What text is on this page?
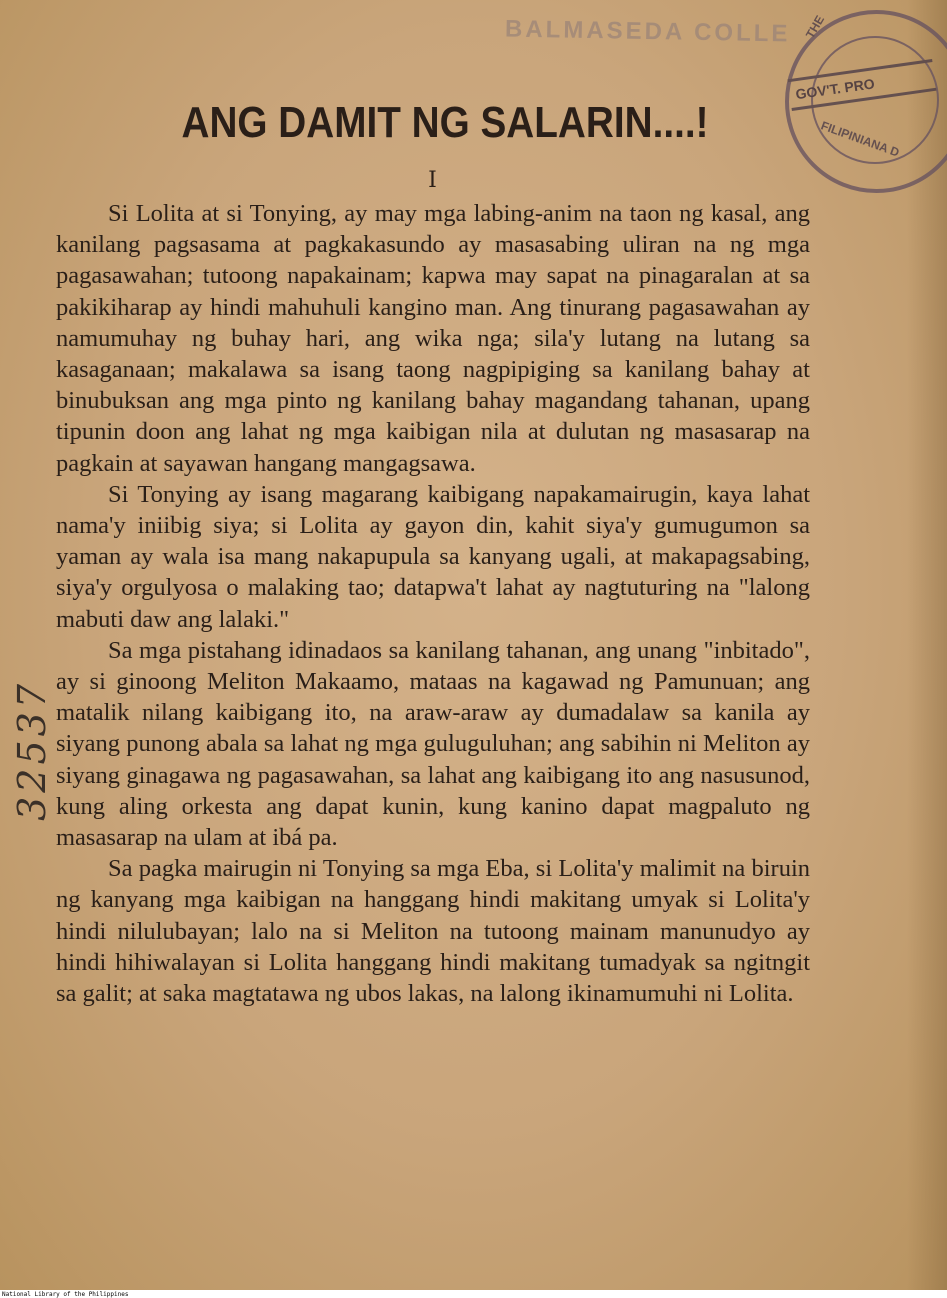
BALMASEDA COLLE THE
GOV'T. PRO
FILIPINIANA D
32537
ANG DAMIT NG SALARIN....!
I

Si Lolita at si Tonying, ay may mga labing-anim na taon ng kasal, ang kanilang pagsasama at pagkakasundo ay masasabing uliran na ng mga pagasawahan; tutoong napakainam; kapwa may sapat na pinagaralan at sa pakikiharap ay hindi mahuhuli kangino man. Ang tinurang pagasawahan ay namumuhay ng buhay hari, ang wika nga; sila'y lutang na lutang sa kasaganaan; makalawa sa isang taong nagpipiging sa kanilang bahay at binubuksan ang mga pinto ng kanilang bahay magandang tahanan, upang tipunin doon ang lahat ng mga kaibigan nila at dulutan ng masasarap na pagkain at sayawan hangang mangagsawa.

Si Tonying ay isang magarang kaibigang napakamairugin, kaya lahat nama'y iniibig siya; si Lolita ay gayon din, kahit siya'y gumugumon sa yaman ay wala isa mang nakapupula sa kanyang ugali, at makapagsabing, siya'y orgulyosa o malaking tao; datapwa't lahat ay nagtuturing na "lalong mabuti daw ang lalaki."

Sa mga pistahang idinadaos sa kanilang tahanan, ang unang "inbitado", ay si ginoong Meliton Makaamo, mataas na kagawad ng Pamunuan; ang matalik nilang kaibigang ito, na araw-araw ay dumadalaw sa kanila ay siyang punong abala sa lahat ng mga guluguluhan; ang sabihin ni Meliton ay siyang ginagawa ng pagasawahan, sa lahat ang kaibigang ito ang nasusunod, kung aling orkesta ang dapat kunin, kung kanino dapat magpaluto ng masasarap na ulam at ibá pa.

Sa pagka mairugin ni Tonying sa mga Eba, si Lolita'y malimit na biruin ng kanyang mga kaibigan na hanggang hindi makitang umyak si Lolita'y hindi nilulubayan; lalo na si Meliton na tutoong mainam manunudyo ay hindi hihiwalayan si Lolita hanggang hindi makitang tumadyak sa ngitngit sa galit; at saka magtatawa ng ubos lakas, na lalong ikinamumuhi ni Lolita.

National Library of the Philippines
